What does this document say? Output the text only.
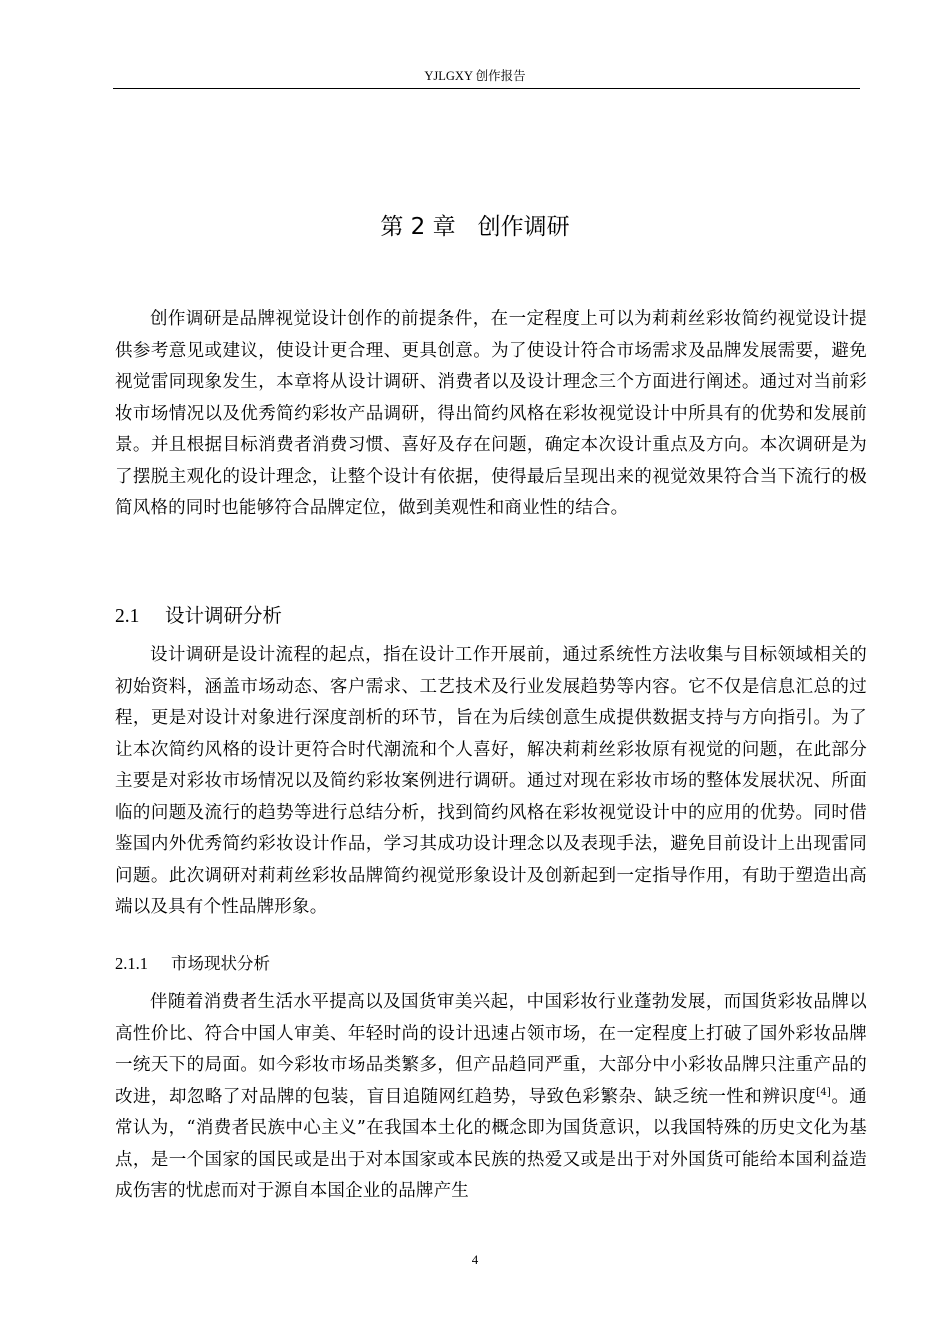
YJLGXY 创作报告
第 2 章 创作调研

创作调研是品牌视觉设计创作的前提条件，在一定程度上可以为莉莉丝彩妆简约视觉设计提供参考意见或建议，使设计更合理、更具创意。为了使设计符合市场需求及品牌发展需要，避免视觉雷同现象发生，本章将从设计调研、消费者以及设计理念三个方面进行阐述。通过对当前彩妆市场情况以及优秀简约彩妆产品调研，得出简约风格在彩妆视觉设计中所具有的优势和发展前景。并且根据目标消费者消费习惯、喜好及存在问题，确定本次设计重点及方向。本次调研是为了摆脱主观化的设计理念，让整个设计有依据，使得最后呈现出来的视觉效果符合当下流行的极简风格的同时也能够符合品牌定位，做到美观性和商业性的结合。

2.1 设计调研分析

设计调研是设计流程的起点，指在设计工作开展前，通过系统性方法收集与目标领域相关的初始资料，涵盖市场动态、客户需求、工艺技术及行业发展趋势等内容。它不仅是信息汇总的过程，更是对设计对象进行深度剖析的环节，旨在为后续创意生成提供数据支持与方向指引。为了让本次简约风格的设计更符合时代潮流和个人喜好，解决莉莉丝彩妆原有视觉的问题，在此部分主要是对彩妆市场情况以及简约彩妆案例进行调研。通过对现在彩妆市场的整体发展状况、所面临的问题及流行的趋势等进行总结分析，找到简约风格在彩妆视觉设计中的应用的优势。同时借鉴国内外优秀简约彩妆设计作品，学习其成功设计理念以及表现手法，避免目前设计上出现雷同问题。此次调研对莉莉丝彩妆品牌简约视觉形象设计及创新起到一定指导作用，有助于塑造出高端以及具有个性品牌形象。

2.1.1 市场现状分析

伴随着消费者生活水平提高以及国货审美兴起，中国彩妆行业蓬勃发展，而国货彩妆品牌以高性价比、符合中国人审美、年轻时尚的设计迅速占领市场，在一定程度上打破了国外彩妆品牌一统天下的局面。如今彩妆市场品类繁多，但产品趋同严重，大部分中小彩妆品牌只注重产品的改进，却忽略了对品牌的包装，盲目追随网红趋势，导致色彩繁杂、缺乏统一性和辨识度[4]。通常认为，“消费者民族中心主义”在我国本土化的概念即为国货意识，以我国特殊的历史文化为基点，是一个国家的国民或是出于对本国家或本民族的热爱又或是出于对外国货可能给本国利益造成伤害的忧虑而对于源自本国企业的品牌产生

4
